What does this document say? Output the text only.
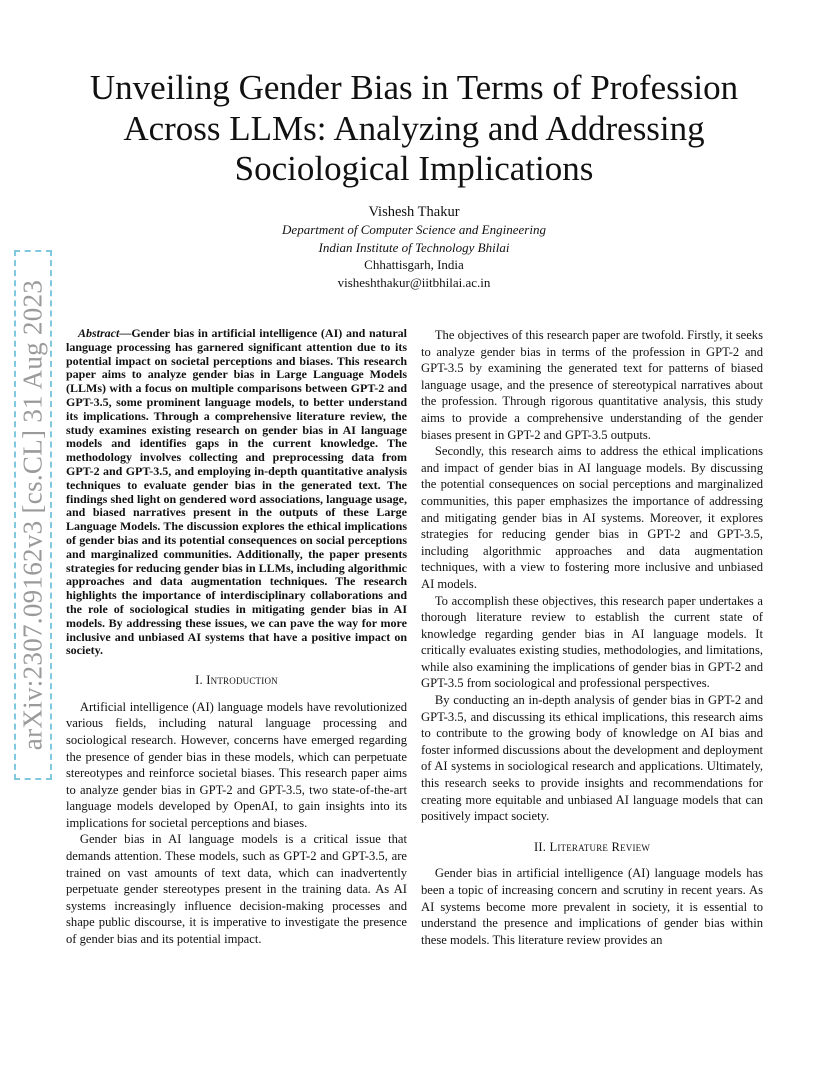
arXiv:2307.09162v3 [cs.CL] 31 Aug 2023
Unveiling Gender Bias in Terms of Profession
Across LLMs: Analyzing and Addressing
Sociological Implications
Vishesh Thakur
Department of Computer Science and Engineering
Indian Institute of Technology Bhilai
Chhattisgarh, India
visheshthakur@iitbhilai.ac.in

Abstract—Gender bias in artificial intelligence (AI) and natural language processing has garnered significant attention due to its potential impact on societal perceptions and biases. This research paper aims to analyze gender bias in Large Language Models (LLMs) with a focus on multiple comparisons between GPT-2 and GPT-3.5, some prominent language models, to better understand its implications. Through a comprehensive literature review, the study examines existing research on gender bias in AI language models and identifies gaps in the current knowledge. The methodology involves collecting and preprocessing data from GPT-2 and GPT-3.5, and employing in-depth quantitative analysis techniques to evaluate gender bias in the generated text. The findings shed light on gendered word associations, language usage, and biased narratives present in the outputs of these Large Language Models. The discussion explores the ethical implications of gender bias and its potential consequences on social perceptions and marginalized communities. Additionally, the paper presents strategies for reducing gender bias in LLMs, including algorithmic approaches and data augmentation techniques. The research highlights the importance of interdisciplinary collaborations and the role of sociological studies in mitigating gender bias in AI models. By addressing these issues, we can pave the way for more inclusive and unbiased AI systems that have a positive impact on society.

I. Introduction

Artificial intelligence (AI) language models have revolutionized various fields, including natural language processing and sociological research. However, concerns have emerged regarding the presence of gender bias in these models, which can perpetuate stereotypes and reinforce societal biases. This research paper aims to analyze gender bias in GPT-2 and GPT-3.5, two state-of-the-art language models developed by OpenAI, to gain insights into its implications for societal perceptions and biases.

Gender bias in AI language models is a critical issue that demands attention. These models, such as GPT-2 and GPT-3.5, are trained on vast amounts of text data, which can inadvertently perpetuate gender stereotypes present in the training data. As AI systems increasingly influence decision-making processes and shape public discourse, it is imperative to investigate the presence of gender bias and its potential impact.

The objectives of this research paper are twofold. Firstly, it seeks to analyze gender bias in terms of the profession in GPT-2 and GPT-3.5 by examining the generated text for patterns of biased language usage, and the presence of stereotypical narratives about the profession. Through rigorous quantitative analysis, this study aims to provide a comprehensive understanding of the gender biases present in GPT-2 and GPT-3.5 outputs.

Secondly, this research aims to address the ethical implications and impact of gender bias in AI language models. By discussing the potential consequences on social perceptions and marginalized communities, this paper emphasizes the importance of addressing and mitigating gender bias in AI systems. Moreover, it explores strategies for reducing gender bias in GPT-2 and GPT-3.5, including algorithmic approaches and data augmentation techniques, with a view to fostering more inclusive and unbiased AI models.

To accomplish these objectives, this research paper undertakes a thorough literature review to establish the current state of knowledge regarding gender bias in AI language models. It critically evaluates existing studies, methodologies, and limitations, while also examining the implications of gender bias in GPT-2 and GPT-3.5 from sociological and professional perspectives.

By conducting an in-depth analysis of gender bias in GPT-2 and GPT-3.5, and discussing its ethical implications, this research aims to contribute to the growing body of knowledge on AI bias and foster informed discussions about the development and deployment of AI systems in sociological research and applications. Ultimately, this research seeks to provide insights and recommendations for creating more equitable and unbiased AI language models that can positively impact society.

II. Literature Review

Gender bias in artificial intelligence (AI) language models has been a topic of increasing concern and scrutiny in recent years. As AI systems become more prevalent in society, it is essential to understand the presence and implications of gender bias within these models. This literature review provides an
